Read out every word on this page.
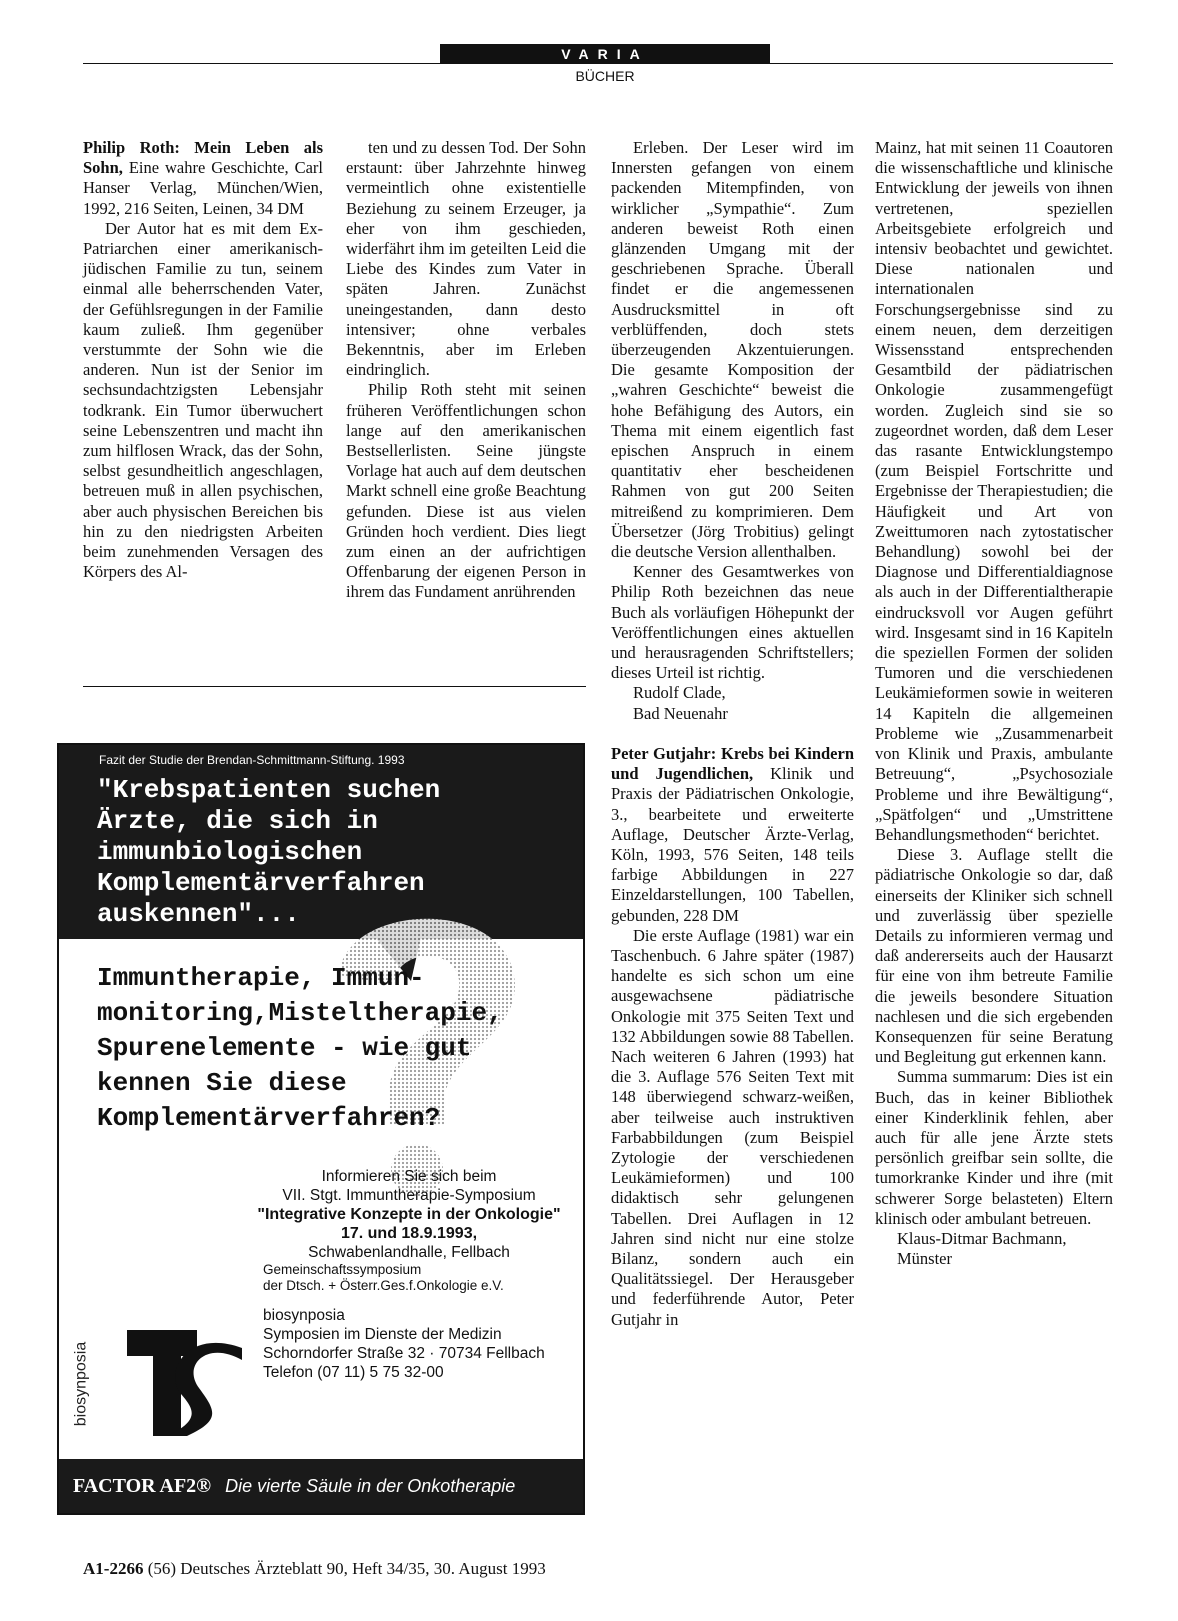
VARIA
BÜCHER

Philip Roth: Mein Leben als Sohn, Eine wahre Geschichte, Carl Hanser Verlag, München/Wien, 1992, 216 Seiten, Leinen, 34 DM

Der Autor hat es mit dem Ex-Patriarchen einer amerikanisch-jüdischen Familie zu tun, seinem einmal alle beherrschenden Vater, der Gefühlsregungen in der Familie kaum zuließ. Ihm gegenüber verstummte der Sohn wie die anderen. Nun ist der Senior im sechsundachtzigsten Lebensjahr todkrank. Ein Tumor überwuchert seine Lebenszentren und macht ihn zum hilflosen Wrack, das der Sohn, selbst gesundheitlich angeschlagen, betreuen muß in allen psychischen, aber auch physischen Bereichen bis hin zu den niedrigsten Arbeiten beim zunehmenden Versagen des Körpers des Al-

ten und zu dessen Tod. Der Sohn erstaunt: über Jahrzehnte hinweg vermeintlich ohne existentielle Beziehung zu seinem Erzeuger, ja eher von ihm geschieden, widerfährt ihm im geteilten Leid die Liebe des Kindes zum Vater in späten Jahren. Zunächst uneingestanden, dann desto intensiver; ohne verbales Bekenntnis, aber im Erleben eindringlich.

Philip Roth steht mit seinen früheren Veröffentlichungen schon lange auf den amerikanischen Bestsellerlisten. Seine jüngste Vorlage hat auch auf dem deutschen Markt schnell eine große Beachtung gefunden. Diese ist aus vielen Gründen hoch verdient. Dies liegt zum einen an der aufrichtigen Offenbarung der eigenen Person in ihrem das Fundament anrührenden

Erleben. Der Leser wird im Innersten gefangen von einem packenden Mitempfinden, von wirklicher „Sympathie“. Zum anderen beweist Roth einen glänzenden Umgang mit der geschriebenen Sprache. Überall findet er die angemessenen Ausdrucksmittel in oft verblüffenden, doch stets überzeugenden Akzentuierungen. Die gesamte Komposition der „wahren Geschichte“ beweist die hohe Befähigung des Autors, ein Thema mit einem eigentlich fast epischen Anspruch in einem quantitativ eher bescheidenen Rahmen von gut 200 Seiten mitreißend zu komprimieren. Dem Übersetzer (Jörg Trobitius) gelingt die deutsche Version allenthalben.

Kenner des Gesamtwerkes von Philip Roth bezeichnen das neue Buch als vorläufigen Höhepunkt der Veröffentlichungen eines aktuellen und herausragenden Schriftstellers; dieses Urteil ist richtig.

Rudolf Clade,

Bad Neuenahr

Peter Gutjahr: Krebs bei Kindern und Jugendlichen, Klinik und Praxis der Pädiatrischen Onkologie, 3., bearbeitete und erweiterte Auflage, Deutscher Ärzte-Verlag, Köln, 1993, 576 Seiten, 148 teils farbige Abbildungen in 227 Einzeldarstellungen, 100 Tabellen, gebunden, 228 DM

Die erste Auflage (1981) war ein Taschenbuch. 6 Jahre später (1987) handelte es sich schon um eine ausgewachsene pädiatrische Onkologie mit 375 Seiten Text und 132 Abbildungen sowie 88 Tabellen. Nach weiteren 6 Jahren (1993) hat die 3. Auflage 576 Seiten Text mit 148 überwiegend schwarz-weißen, aber teilweise auch instruktiven Farbabbildungen (zum Beispiel Zytologie der verschiedenen Leukämieformen) und 100 didaktisch sehr gelungenen Tabellen. Drei Auflagen in 12 Jahren sind nicht nur eine stolze Bilanz, sondern auch ein Qualitätssiegel. Der Herausgeber und federführende Autor, Peter Gutjahr in

Mainz, hat mit seinen 11 Coautoren die wissenschaftliche und klinische Entwicklung der jeweils von ihnen vertretenen, speziellen Arbeitsgebiete erfolgreich und intensiv beobachtet und gewichtet. Diese nationalen und internationalen Forschungsergebnisse sind zu einem neuen, dem derzeitigen Wissensstand entsprechenden Gesamtbild der pädiatrischen Onkologie zusammengefügt worden. Zugleich sind sie so zugeordnet worden, daß dem Leser das rasante Entwicklungstempo (zum Beispiel Fortschritte und Ergebnisse der Therapiestudien; die Häufigkeit und Art von Zweittumoren nach zytostatischer Behandlung) sowohl bei der Diagnose und Differentialdiagnose als auch in der Differentialtherapie eindrucksvoll vor Augen geführt wird. Insgesamt sind in 16 Kapiteln die speziellen Formen der soliden Tumoren und die verschiedenen Leukämieformen sowie in weiteren 14 Kapiteln die allgemeinen Probleme wie „Zusammenarbeit von Klinik und Praxis, ambulante Betreuung“, „Psychosoziale Probleme und ihre Bewältigung“, „Spätfolgen“ und „Umstrittene Behandlungsmethoden“ berichtet.

Diese 3. Auflage stellt die pädiatrische Onkologie so dar, daß einerseits der Kliniker sich schnell und zuverlässig über spezielle Details zu informieren vermag und daß andererseits auch der Hausarzt für eine von ihm betreute Familie die jeweils besondere Situation nachlesen und die sich ergebenden Konsequenzen für seine Beratung und Begleitung gut erkennen kann.

Summa summarum: Dies ist ein Buch, das in keiner Bibliothek einer Kinderklinik fehlen, aber auch für alle jene Ärzte stets persönlich greifbar sein sollte, die tumorkranke Kinder und ihre (mit schwerer Sorge belasteten) Eltern klinisch oder ambulant betreuen.

Klaus-Ditmar Bachmann,

Münster

Fazit der Studie der Brendan-Schmittmann-Stiftung. 1993
"Krebspatienten suchen
Ärzte, die sich in
immunbiologischen
Komplementärverfahren
auskennen"...
Immuntherapie, Immun-
monitoring,Misteltherapie,
Spurenelemente - wie gut
kennen Sie diese
Komplementärverfahren?
Informieren Sie sich beim
VII. Stgt. Immuntherapie-Symposium
"Integrative Konzepte in der Onkologie"
17. und 18.9.1993,
Schwabenlandhalle, Fellbach
Gemeinschaftssymposium
der Dtsch. + Österr.Ges.f.Onkologie e.V.
biosynposia
Symposien im Dienste der Medizin
Schorndorfer Straße 32 · 70734 Fellbach
Telefon (07 11) 5 75 32-00
biosynposia
FACTOR AF2® Die vierte Säule in der Onkotherapie
A1-2266 (56) Deutsches Ärzteblatt 90, Heft 34/35, 30. August 1993
